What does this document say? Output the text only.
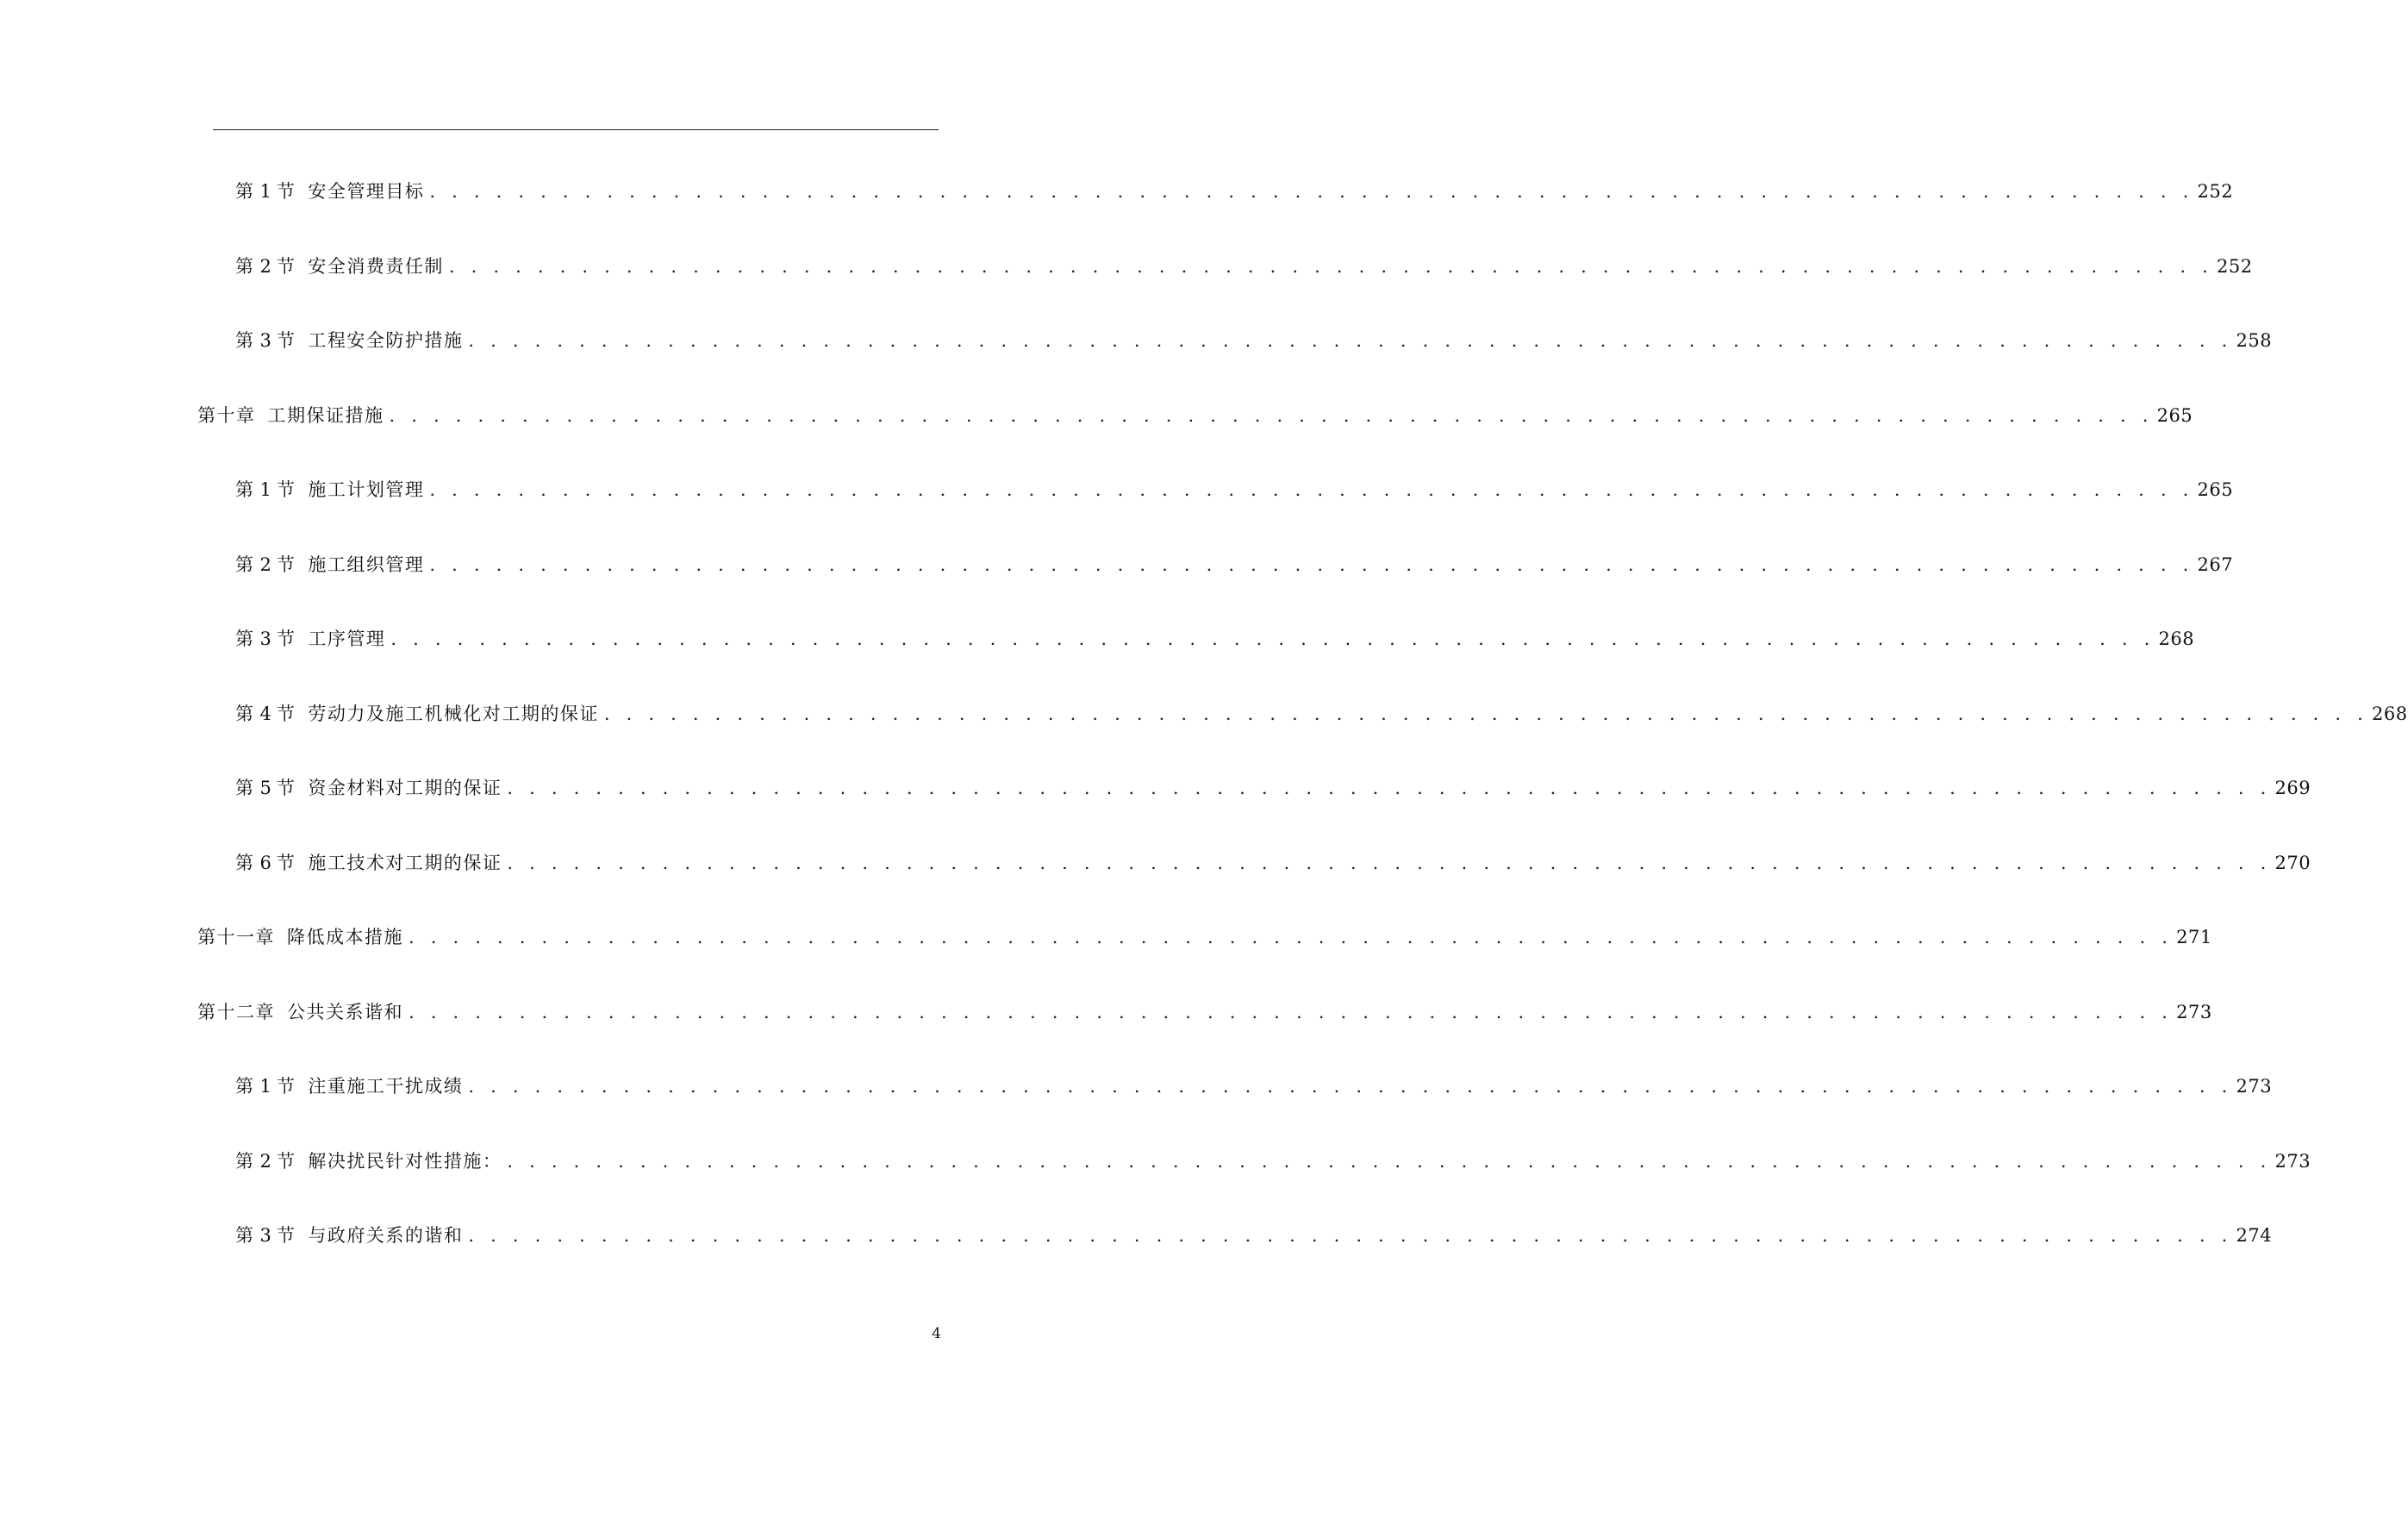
第 1 节 安全管理目标 . . . . . . . . . . . . . . . . . . . . . . . . . . . . . . . . . . . . . . . . . . . . . . . . . . . . . . . . . . . . . . . . . . . . . . . . . . . . . . . . 252
第 2 节 安全消费责任制 . . . . . . . . . . . . . . . . . . . . . . . . . . . . . . . . . . . . . . . . . . . . . . . . . . . . . . . . . . . . . . . . . . . . . . . . . . . . . . . . 252
第 3 节 工程安全防护措施 . . . . . . . . . . . . . . . . . . . . . . . . . . . . . . . . . . . . . . . . . . . . . . . . . . . . . . . . . . . . . . . . . . . . . . . . . . . . . . . . 258
第十章 工期保证措施 . . . . . . . . . . . . . . . . . . . . . . . . . . . . . . . . . . . . . . . . . . . . . . . . . . . . . . . . . . . . . . . . . . . . . . . . . . . . . . . . 265
第 1 节 施工计划管理 . . . . . . . . . . . . . . . . . . . . . . . . . . . . . . . . . . . . . . . . . . . . . . . . . . . . . . . . . . . . . . . . . . . . . . . . . . . . . . . . 265
第 2 节 施工组织管理 . . . . . . . . . . . . . . . . . . . . . . . . . . . . . . . . . . . . . . . . . . . . . . . . . . . . . . . . . . . . . . . . . . . . . . . . . . . . . . . . 267
第 3 节 工序管理 . . . . . . . . . . . . . . . . . . . . . . . . . . . . . . . . . . . . . . . . . . . . . . . . . . . . . . . . . . . . . . . . . . . . . . . . . . . . . . . . 268
第 4 节 劳动力及施工机械化对工期的保证 . . . . . . . . . . . . . . . . . . . . . . . . . . . . . . . . . . . . . . . . . . . . . . . . . . . . . . . . . . . . . . . . . . . . . . . . . . . . . . . . 268
第 5 节 资金材料对工期的保证 . . . . . . . . . . . . . . . . . . . . . . . . . . . . . . . . . . . . . . . . . . . . . . . . . . . . . . . . . . . . . . . . . . . . . . . . . . . . . . . . 269
第 6 节 施工技术对工期的保证 . . . . . . . . . . . . . . . . . . . . . . . . . . . . . . . . . . . . . . . . . . . . . . . . . . . . . . . . . . . . . . . . . . . . . . . . . . . . . . . . 270
第十一章 降低成本措施 . . . . . . . . . . . . . . . . . . . . . . . . . . . . . . . . . . . . . . . . . . . . . . . . . . . . . . . . . . . . . . . . . . . . . . . . . . . . . . . . 271
第十二章 公共关系谐和 . . . . . . . . . . . . . . . . . . . . . . . . . . . . . . . . . . . . . . . . . . . . . . . . . . . . . . . . . . . . . . . . . . . . . . . . . . . . . . . . 273
第 1 节 注重施工干扰成绩 . . . . . . . . . . . . . . . . . . . . . . . . . . . . . . . . . . . . . . . . . . . . . . . . . . . . . . . . . . . . . . . . . . . . . . . . . . . . . . . . 273
第 2 节 解决扰民针对性措施： . . . . . . . . . . . . . . . . . . . . . . . . . . . . . . . . . . . . . . . . . . . . . . . . . . . . . . . . . . . . . . . . . . . . . . . . . . . . . . . . 273
第 3 节 与政府关系的谐和 . . . . . . . . . . . . . . . . . . . . . . . . . . . . . . . . . . . . . . . . . . . . . . . . . . . . . . . . . . . . . . . . . . . . . . . . . . . . . . . . 274
4
